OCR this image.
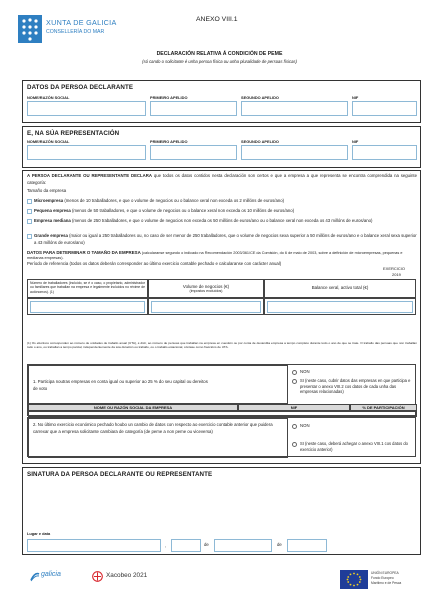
XUNTA DE GALICIA
CONSELLERÍA DO MAR
ANEXO VIII.1
DECLARACIÓN RELATIVA Á CONDICIÓN DE PEME
(só cando o solicitante é unha persoa física ou unha pluralidade de persoas físicas)
DATOS DA PERSOA DECLARANTE
NOME/RAZÓN SOCIAL	PRIMEIRO APELIDO	SEGUNDO APELIDO	NIF
E, NA SÚA REPRESENTACIÓN
NOME/RAZÓN SOCIAL	PRIMEIRO APELIDO	SEGUNDO APELIDO	NIF
A PERSOA DECLARANTE OU REPRESENTANTE DECLARA que todos os datos contidos nesta declaración son certos e que a empresa a que representa se encontra comprendida na seguinte categoría:
Tamaño da empresa
Microempresa (menos de 10 traballadores, e que o volume de negocios ou o balance xeral non exceda os 2 millóns de euros/ano)
Pequena empresa (menos de 50 traballadores, e que o volume de negocios ou o balance xeral non exceda os 10 millóns de euros/ano)
Empresa mediana (menos de 250 traballadores, e que o volume de negocios non exceda os 50 millóns de euros/ano ou o balance xeral non exceda os 43 millóns de euros/ano)
Grande empresa (maior ou igual a 250 traballadores ou, no caso de ser menor de 250 traballadores, que o volume de negocios sexa superior a 50 millóns de euros/ano e o balance xeral sexa superior a 43 millóns de euros/ano)
DATOS PARA DETERMINAR O TAMAÑO DA EMPRESA (calcularanse segundo o indicado na Recomendación 2003/361/CE da Comisión, do 6 de maio de 2003, sobre a definición de microempresas, pequenas e medianas empresas).
Período de referencia (todos os datos deberán corresponder ao último exercicio contable pechado e calcularanse con carácter anual)
EXERCICIO
2019
Número de traballadores (incluído, se é o caso, o propietario, administrador ou familiares que traballan na empresa e legalmente incluídos no réxime de autónomos). (1)
Volume de negocios (€)
(impostos excluídos)
Balance xeral, activo total (€)
(1) Os efectivos corresponden ao número de unidades de traballo anual (UTA), é dicir, ao número de persoas que traballan na empresa en cuestión ou por conta de devandita empresa a tempo completo durante todo o ano de que se trate. O traballo das persoas que non traballan todo o ano, ou traballan a tempo parcial, independentemente da súa duración ou traballo, ou o traballo estacional, cóntase como fraccións de UTA.
1. Participa noutras empresas en conta igual ou superior ao 25 % do seu capital ou dereitos de voto
NON
SI (neste caso, cubrir datos das empresas en que participa e presentar o anexo VIII.2 cos datos de cada unha das empresas relacionadas)
NOME OU RAZÓN SOCIAL DA EMPRESA	NIF	% DE PARTICIPACIÓN
2. No último exercicio económico pechado houbo un cambio de datos con respecto ao exercicio contable anterior que puidera carrexar que a empresa solicitante cambiara de categoría (de peme a non peme ou viceversa)
NON
SI (neste caso, deberá achegar o anexo VIII.1 cos datos do exercicio anterior)
SINATURA DA PERSOA DECLARANTE OU REPRESENTANTE
Lugar e data
,	de	de
galicia	Xacobeo 2021	UNIÓN EUROPEA
Fondo Europeo
Marítimo e de Pesca
